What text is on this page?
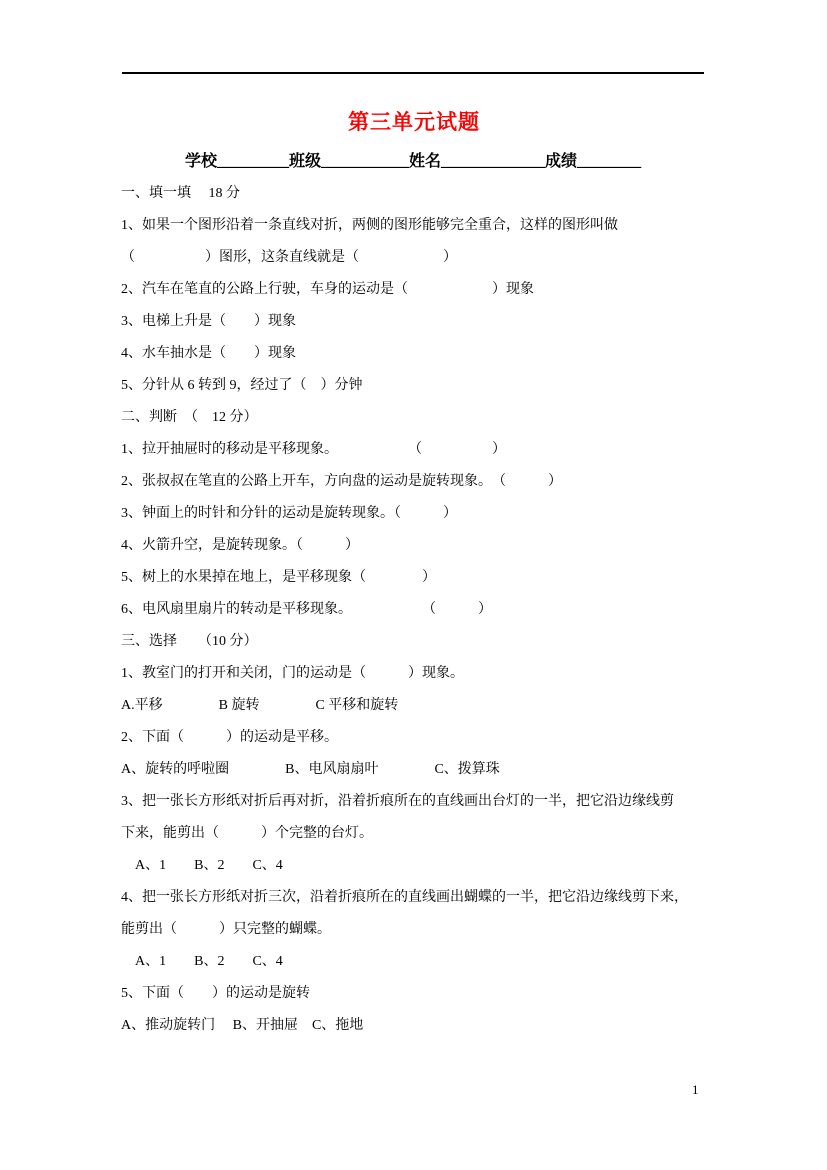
第三单元试题
学校_________班级___________姓名_____________成绩________

一、填一填　 18 分
1、如果一个图形沿着一条直线对折，两侧的图形能够完全重合，这样的图形叫做
（　　　　　）图形，这条直线就是（　　　　　　）
2、汽车在笔直的公路上行驶，车身的运动是（　　　　　　）现象
3、电梯上升是（　　）现象
4、水车抽水是（　　）现象
5、分针从 6 转到 9，经过了（　）分钟
二、判断　（　12 分）
1、拉开抽屉时的移动是平移现象。　　　　　　（　　　　　）
2、张叔叔在笔直的公路上开车，方向盘的运动是旋转现象。　（　　　）
3、钟面上的时针和分针的运动是旋转现象。（　　　）
4、火箭升空，是旋转现象。（　　　）
5、树上的水果掉在地上，是平移现象（　　　　）
6、电风扇里扇片的转动是平移现象。　　　　　　（　　　）
三、选择　　（10 分）
1、教室门的打开和关闭，门的运动是（　　　）现象。
A.平移　　　　B 旋转　　　　C 平移和旋转
2、下面（　　　）的运动是平移。
A、旋转的呼啦圈　　　　B、电风扇扇叶　　　　C、拨算珠
3、把一张长方形纸对折后再对折，沿着折痕所在的直线画出台灯的一半，把它沿边缘线剪
下来，能剪出（　　　）个完整的台灯。
　A、1　　B、2　　C、4
4、把一张长方形纸对折三次，沿着折痕所在的直线画出蝴蝶的一半，把它沿边缘线剪下来，
能剪出（　　　）只完整的蝴蝶。
　A、1　　B、2　　C、4
5、下面（　　）的运动是旋转
A、推动旋转门　 B、开抽屉　C、拖地
1
